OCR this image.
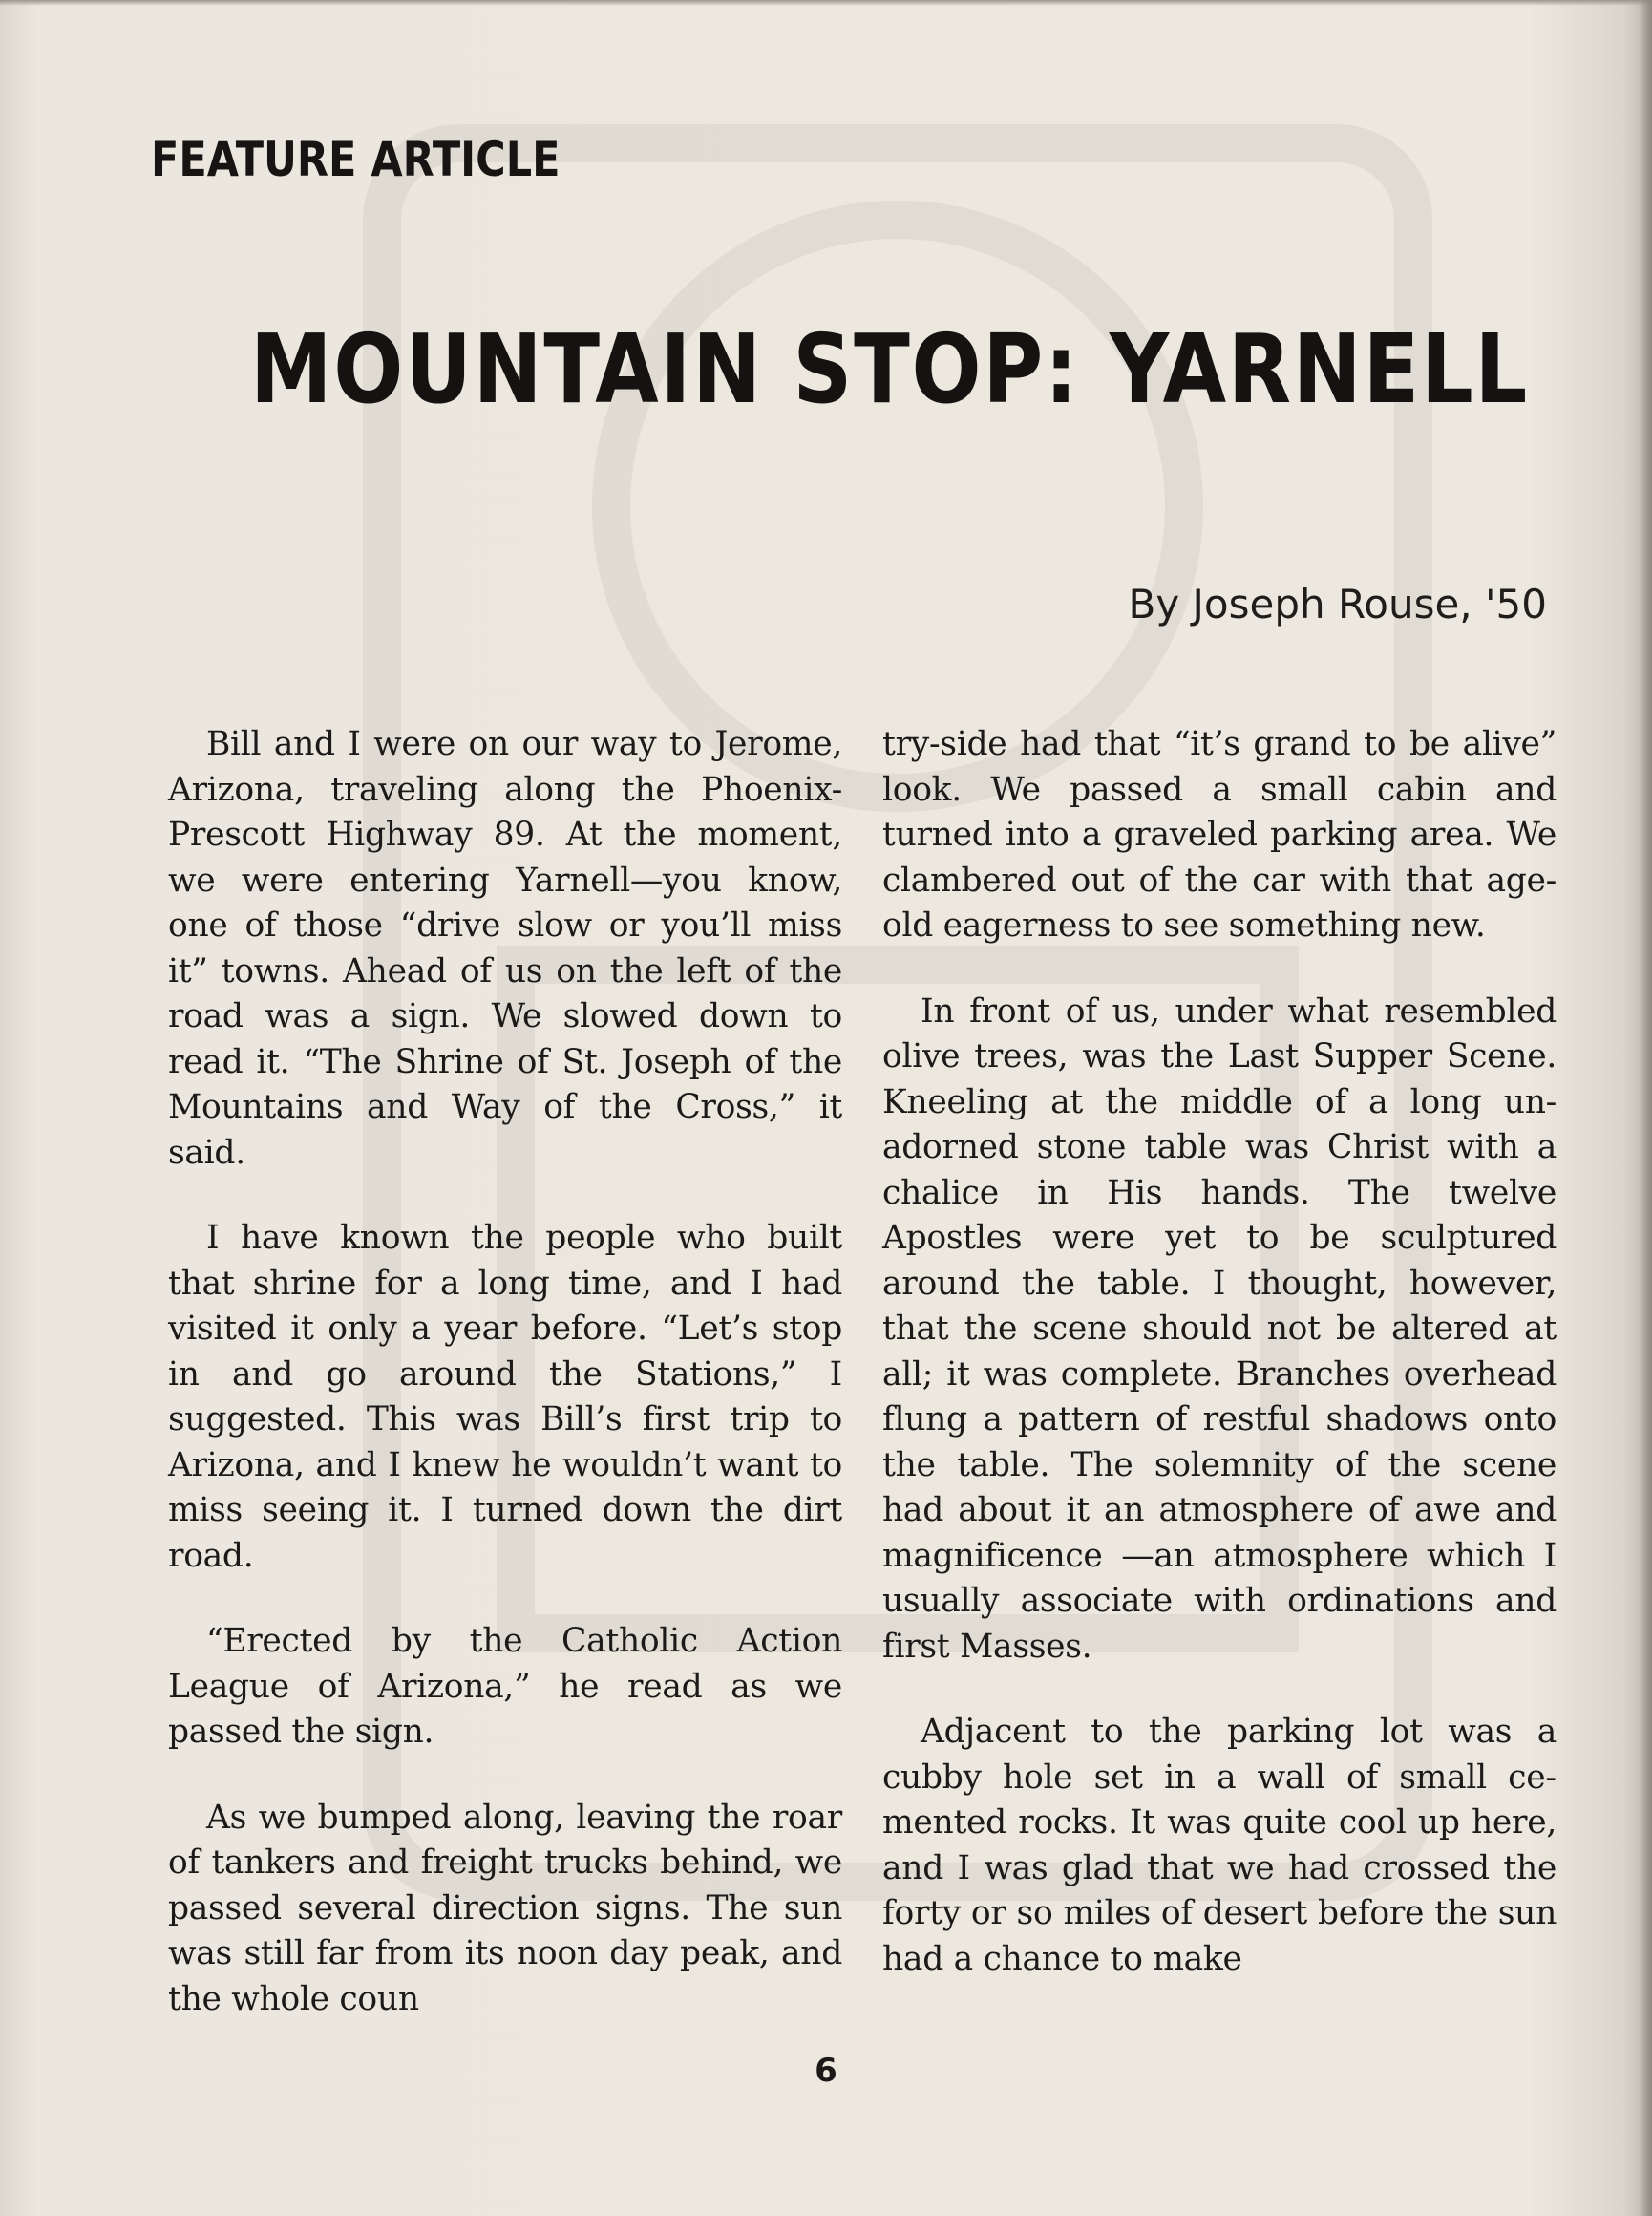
FEATURE ARTICLE
MOUNTAIN STOP: YARNELL
By Joseph Rouse, '50

Bill and I were on our way to Jerome, Arizona, traveling along the Phoenix-Prescott Highway 89. At the moment, we were entering Yarnell—you know, one of those “drive slow or you’ll miss it” towns. Ahead of us on the left of the road was a sign. We slowed down to read it. “The Shrine of St. Joseph of the Mountains and Way of the Cross,” it said.

I have known the people who built that shrine for a long time, and I had visited it only a year before. “Let’s stop in and go around the Stations,” I suggested. This was Bill’s first trip to Arizona, and I knew he wouldn’t want to miss seeing it. I turned down the dirt road.

“Erected by the Catholic Action League of Arizona,” he read as we passed the sign.

As we bumped along, leaving the roar of tankers and freight trucks behind, we passed several direction signs. The sun was still far from its noon day peak, and the whole coun

try-side had that “it’s grand to be alive” look. We passed a small cabin and turned into a graveled parking area. We clambered out of the car with that age-old eagerness to see something new.

In front of us, under what resembled olive trees, was the Last Supper Scene. Kneeling at the middle of a long un-adorned stone table was Christ with a chalice in His hands. The twelve Apostles were yet to be sculptured around the table. I thought, however, that the scene should not be altered at all; it was complete. Branches overhead flung a pattern of restful shadows onto the table. The solemnity of the scene had about it an atmosphere of awe and magnificence —an atmosphere which I usually associate with ordinations and first Masses.

Adjacent to the parking lot was a cubby hole set in a wall of small cemented rocks. It was quite cool up here, and I was glad that we had crossed the forty or so miles of desert before the sun had a chance to make

6
